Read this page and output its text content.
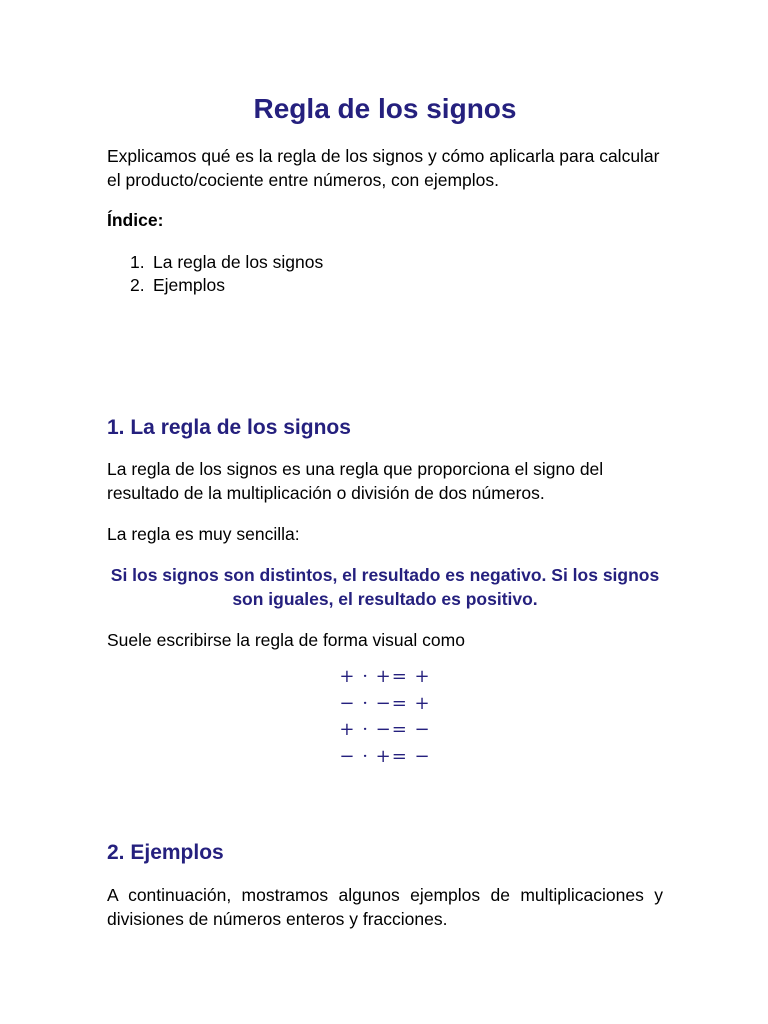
Regla de los signos

Explicamos qué es la regla de los signos y cómo aplicarla para calcular el producto/cociente entre números, con ejemplos.

Índice:

1. La regla de los signos
2. Ejemplos
1. La regla de los signos

La regla de los signos es una regla que proporciona el signo del resultado de la multiplicación o división de dos números.

La regla es muy sencilla:

Si los signos son distintos, el resultado es negativo. Si los signos son iguales, el resultado es positivo.

Suele escribirse la regla de forma visual como

+ · += +
− · −= +
+ · −= −
− · += −
2. Ejemplos

A continuación, mostramos algunos ejemplos de multiplicaciones y divisiones de números enteros y fracciones.
